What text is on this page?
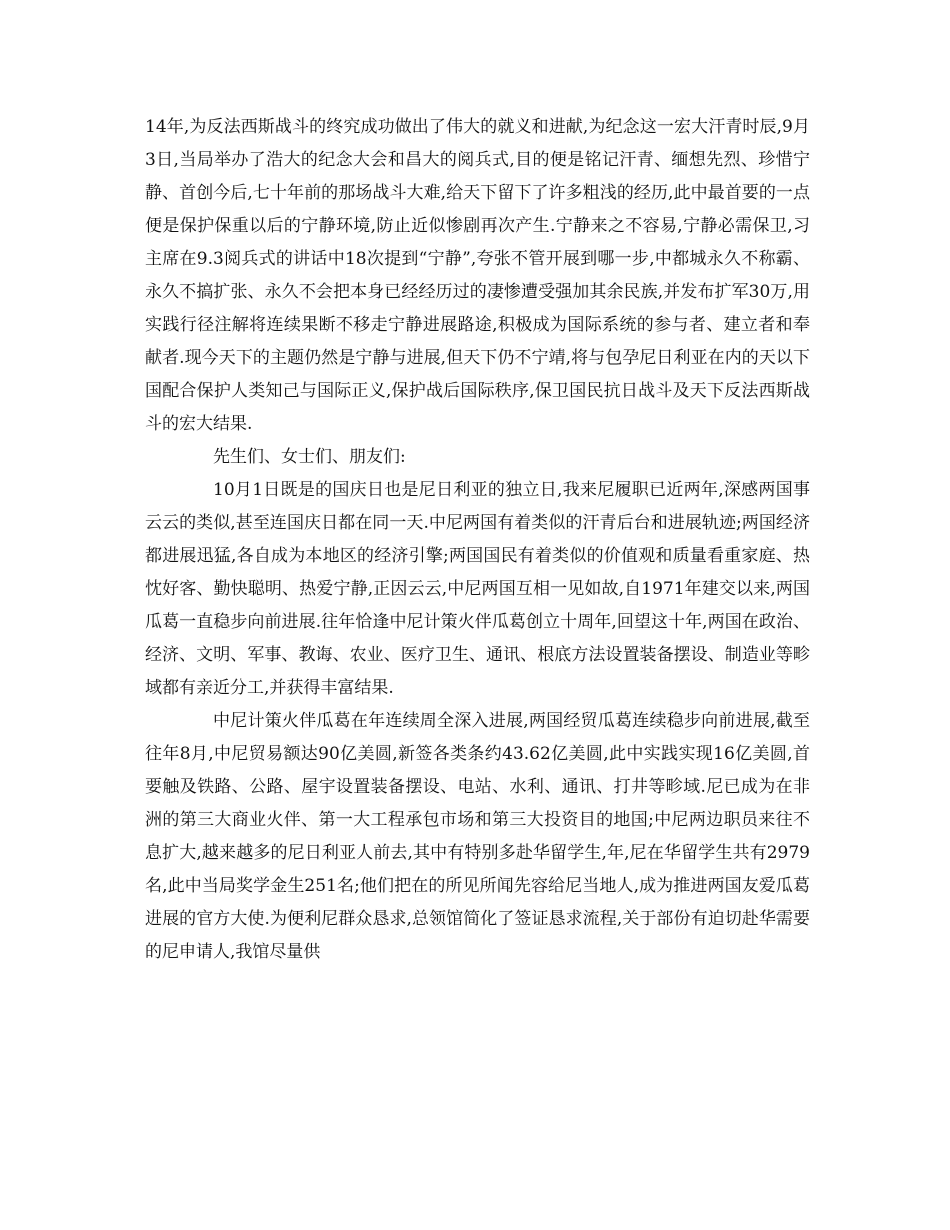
14年,为反法西斯战斗的终究成功做出了伟大的就义和进献,为纪念这一宏大汗青时辰,9月3日,当局举办了浩大的纪念大会和昌大的阅兵式,目的便是铭记汗青、缅想先烈、珍惜宁静、首创今后,七十年前的那场战斗大难,给天下留下了许多粗浅的经历,此中最首要的一点便是保护保重以后的宁静环境,防止近似惨剧再次产生.宁静来之不容易,宁静必需保卫,习主席在9.3阅兵式的讲话中18次提到“宁静”,夸张不管开展到哪一步,中都城永久不称霸、永久不搞扩张、永久不会把本身已经经历过的凄惨遭受强加其余民族,并发布扩军30万,用实践行径注解将连续果断不移走宁静进展路途,积极成为国际系统的参与者、建立者和奉献者.现今天下的主题仍然是宁静与进展,但天下仍不宁靖,将与包孕尼日利亚在内的天以下国配合保护人类知己与国际正义,保护战后国际秩序,保卫国民抗日战斗及天下反法西斯战斗的宏大结果.

先生们、女士们、朋友们:

10月1日既是的国庆日也是尼日利亚的独立日,我来尼履职已近两年,深感两国事云云的类似,甚至连国庆日都在同一天.中尼两国有着类似的汗青后台和进展轨迹;两国经济都进展迅猛,各自成为本地区的经济引擎;两国国民有着类似的价值观和质量看重家庭、热忱好客、勤快聪明、热爱宁静,正因云云,中尼两国互相一见如故,自1971年建交以来,两国瓜葛一直稳步向前进展.往年恰逢中尼计策火伴瓜葛创立十周年,回望这十年,两国在政治、经济、文明、军事、教诲、农业、医疗卫生、通讯、根底方法设置装备摆设、制造业等畛域都有亲近分工,并获得丰富结果.

中尼计策火伴瓜葛在年连续周全深入进展,两国经贸瓜葛连续稳步向前进展,截至往年8月,中尼贸易额达90亿美圆,新签各类条约43.62亿美圆,此中实践实现16亿美圆,首要触及铁路、公路、屋宇设置装备摆设、电站、水利、通讯、打井等畛域.尼已成为在非洲的第三大商业火伴、第一大工程承包市场和第三大投资目的地国;中尼两边职员来往不息扩大,越来越多的尼日利亚人前去,其中有特别多赴华留学生,年,尼在华留学生共有2979名,此中当局奖学金生251名;他们把在的所见所闻先容给尼当地人,成为推进两国友爱瓜葛进展的官方大使.为便利尼群众恳求,总领馆简化了签证恳求流程,关于部份有迫切赴华需要的尼申请人,我馆尽量供
